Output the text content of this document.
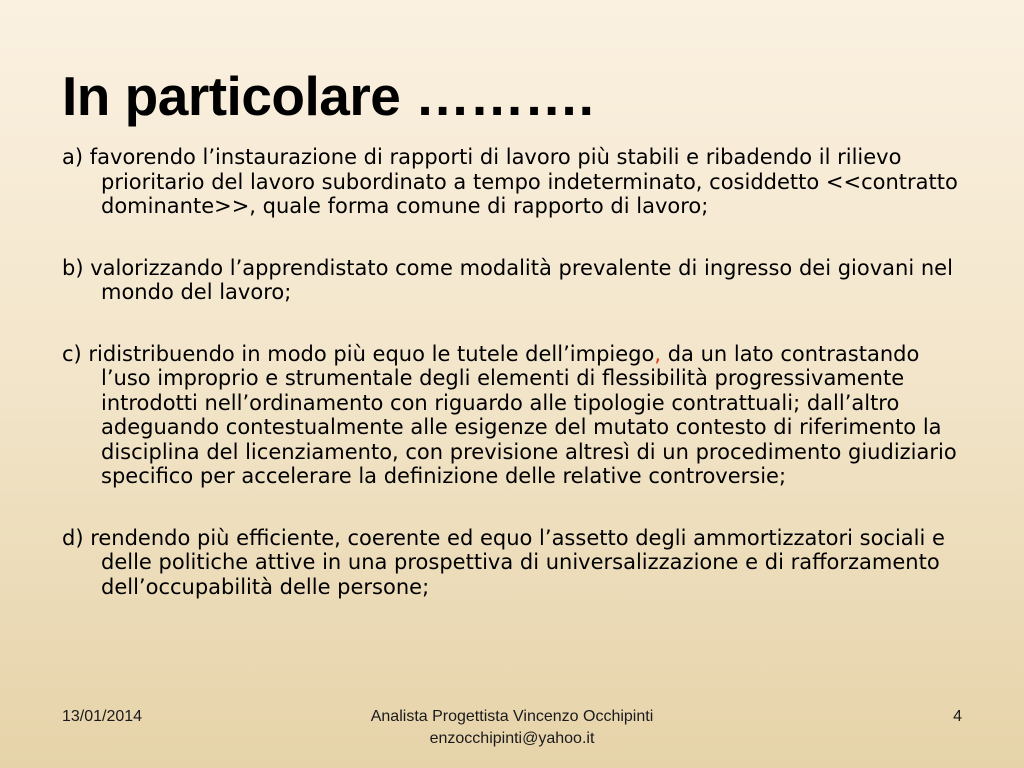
In particolare ……….

a) favorendo l’instaurazione di rapporti di lavoro più stabili e ribadendo il rilievo prioritario del lavoro subordinato a tempo indeterminato, cosiddetto <<contratto dominante>>, quale forma comune di rapporto di lavoro;

b) valorizzando l’apprendistato come modalità prevalente di ingresso dei giovani nel mondo del lavoro;

c) ridistribuendo in modo più equo le tutele dell’impiego, da un lato contrastando l’uso improprio e strumentale degli elementi di flessibilità progressivamente introdotti nell’ordinamento con riguardo alle tipologie contrattuali; dall’altro adeguando contestualmente alle esigenze del mutato contesto di riferimento la disciplina del licenziamento, con previsione altresì di un procedimento giudiziario specifico per accelerare la definizione delle relative controversie;

d) rendendo più efficiente, coerente ed equo l’assetto degli ammortizzatori sociali e delle politiche attive in una prospettiva di universalizzazione e di rafforzamento dell’occupabilità delle persone;

13/01/2014	Analista Progettista Vincenzo Occhipinti
enzocchipinti@yahoo.it
4
